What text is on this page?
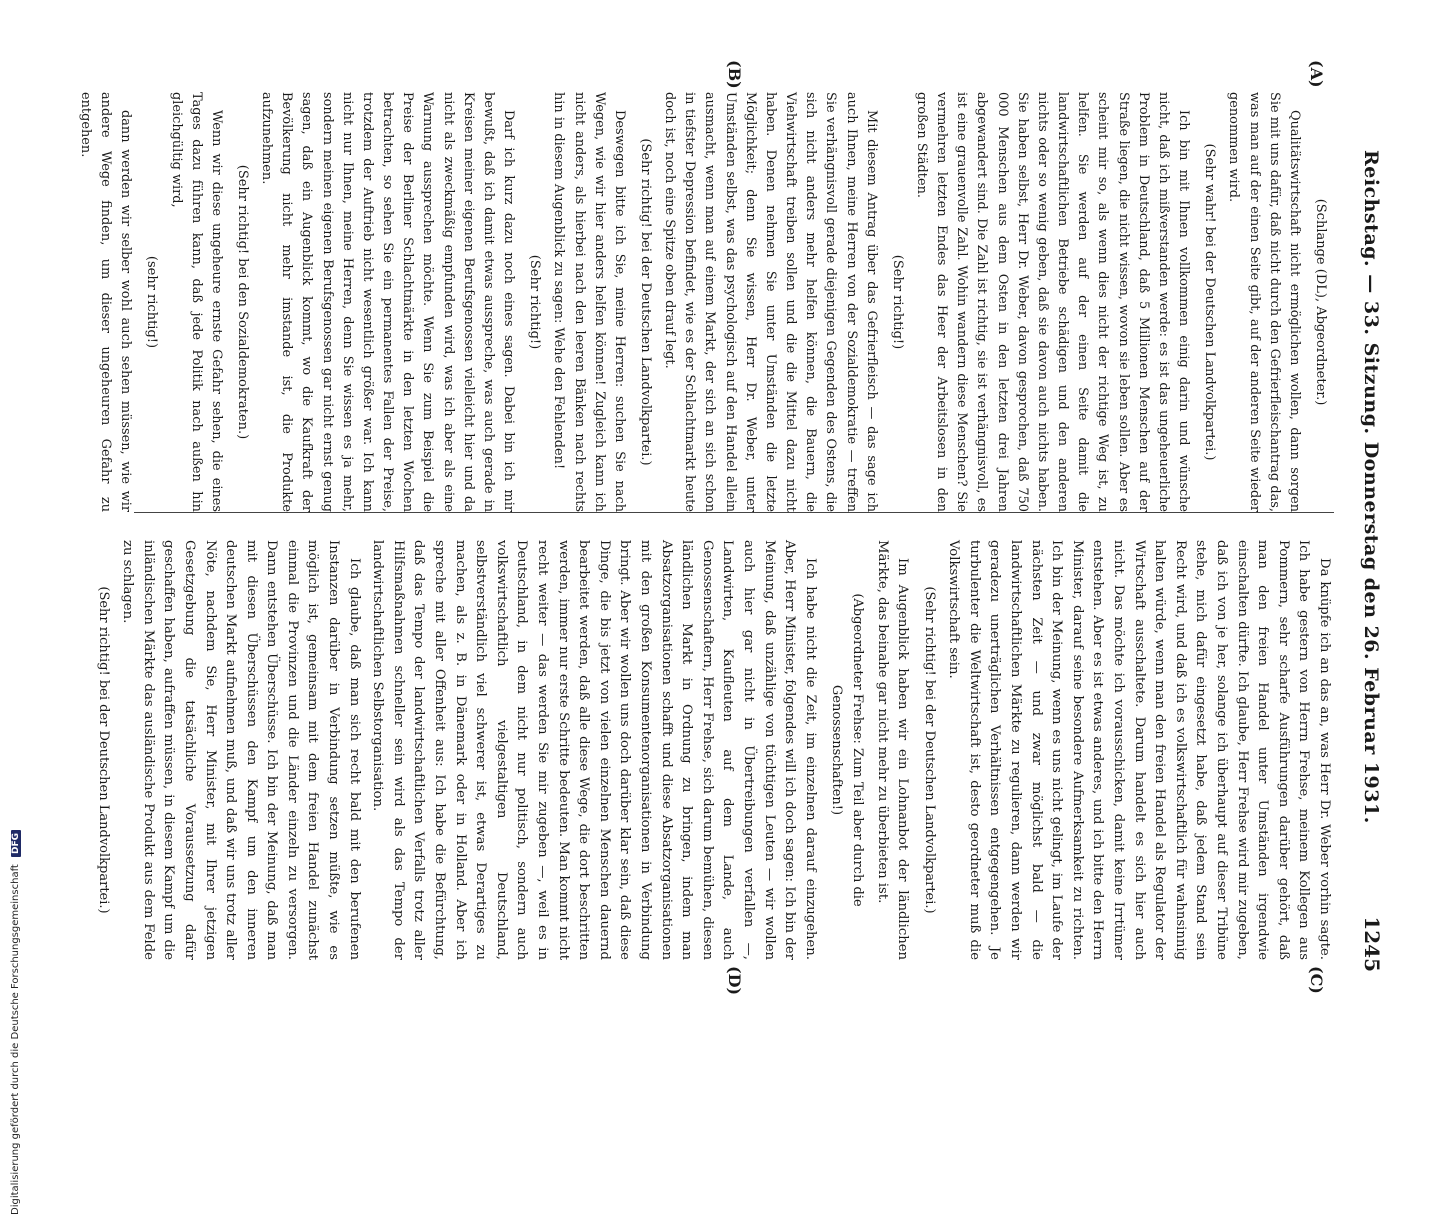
Digitalisierung gefördert durch die Deutsche Forschungsgemeinschaft DFG
Reichstag. — 33. Sitzung. Donnerstag den 26. Februar 1931.
1245
(A)
(B)
(C)
(D)
(Schlange (DL), Abgeordneter.)
Qualitätswirtschaft nicht ermöglichen wollen, dann sorgen Sie mit uns dafür, daß nicht durch den Gefrierfleischantrag das, was man auf der einen Seite gibt, auf der anderen Seite wieder genommen wird.
(Sehr wahr! bei der Deutschen Landvolkpartei.)
Ich bin mit Ihnen vollkommen einig darin und wünsche nicht, daß ich mißverstanden werde: es ist das ungeheuerliche Problem in Deutschland, daß 5 Millionen Menschen auf der Straße liegen, die nicht wissen, wovon sie leben sollen. Aber es scheint mir so, als wenn dies nicht der richtige Weg ist, zu helfen. Sie werden auf der einen Seite damit die landwirtschaftlichen Betriebe schädigen und den anderen nichts oder so wenig geben, daß sie davon auch nichts haben. Sie haben selbst, Herr Dr. Weber, davon gesprochen, daß 750 000 Menschen aus dem Osten in den letzten drei Jahren abgewandert sind. Die Zahl ist richtig, sie ist verhängnisvoll, es ist eine grauenvolle Zahl. Wohin wandern diese Menschen? Sie vermehren letzten Endes das Heer der Arbeitslosen in den großen Städten.
(Sehr richtig!)
Mit diesem Antrag über das Gefrierfleisch — das sage ich auch Ihnen, meine Herren von der Sozialdemokratie — treffen Sie verhängnisvoll gerade diejenigen Gegenden des Ostens, die sich nicht anders mehr helfen können, die Bauern, die Viehwirtschaft treiben sollen und die die Mittel dazu nicht haben. Denen nehmen Sie unter Umständen die letzte Möglichkeit; denn Sie wissen, Herr Dr. Weber, unter Umständen selbst, was das psychologisch auf den Handel allein ausmacht, wenn man auf einem Markt, der sich an sich schon in tiefster Depression befindet, wie es der Schlachtmarkt heute doch ist, noch eine Spitze oben drauf legt.
(Sehr richtig! bei der Deutschen Landvolkpartei.)
Deswegen bitte ich Sie, meine Herren: suchen Sie nach Wegen, wie wir hier anders helfen können! Zugleich kann ich nicht anders, als hierbei nach den leeren Bänken nach rechts hin in diesem Augenblick zu sagen: Wehe den Fehlenden!
(Sehr richtig!)
Darf ich kurz dazu noch eines sagen. Dabei bin ich mir bewußt, daß ich damit etwas ausspreche, was auch gerade in Kreisen meiner eigenen Berufsgenossen vielleicht hier und da nicht als zweckmäßig empfunden wird, was ich aber als eine Warnung aussprechen möchte. Wenn Sie zum Beispiel die Preise der Berliner Schlachtmärkte in den letzten Wochen betrachten, so sehen Sie ein permanentes Fallen der Preise, trotzdem der Auftrieb nicht wesentlich größer war. Ich kann nicht nur Ihnen, meine Herren, denn Sie wissen es ja mehr, sondern meinen eigenen Berufsgenossen gar nicht ernst genug sagen, daß ein Augenblick kommt, wo die Kaufkraft der Bevölkerung nicht mehr imstande ist, die Produkte aufzunehmen.
(Sehr richtig! bei den Sozialdemokraten.)
Wenn wir diese ungeheure ernste Gefahr sehen, die eines Tages dazu führen kann, daß jede Politik nach außen hin gleichgültig wird,
(sehr richtig!)
dann werden wir selber wohl auch sehen müssen, wie wir andere Wege finden, um dieser ungeheuren Gefahr zu entgehen.
Da knüpfe ich an das an, was Herr Dr. Weber vorhin sagte. Ich habe gestern von Herrn Frehse, meinem Kollegen aus Pommern, sehr scharfe Ausführungen darüber gehört, daß man den freien Handel unter Umständen irgendwie einschalten dürfte. Ich glaube, Herr Frehse wird mir zugeben, daß ich von je her, solange ich überhaupt auf dieser Tribüne stehe, mich dafür eingesetzt habe, daß jedem Stand sein Recht wird, und daß ich es volkswirtschaftlich für wahnsinnig halten würde, wenn man den freien Handel als Regulator der Wirtschaft ausschaltete. Darum handelt es sich hier auch nicht. Das möchte ich vorausschicken, damit keine Irrtümer entstehen. Aber es ist etwas anderes, und ich bitte den Herrn Minister, darauf seine besondere Aufmerksamkeit zu richten. Ich bin der Meinung, wenn es uns nicht gelingt, im Laufe der nächsten Zeit — und zwar möglichst bald — die landwirtschaftlichen Märkte zu regulieren, dann werden wir geradezu unerträglichen Verhältnissen entgegengehen. Je turbulenter die Weltwirtschaft ist, desto geordneter muß die Volkswirtschaft sein.
(Sehr richtig! bei der Deutschen Landvolkpartei.)
Im Augenblick haben wir ein Lohnanbot der ländlichen Märkte, das beinahe gar nicht mehr zu überbieten ist.
(Abgeordneter Frehse: Zum Teil aber durch die Genossenschaften!)
Ich habe nicht die Zeit, im einzelnen darauf einzugehen. Aber, Herr Minister, folgendes will ich doch sagen: Ich bin der Meinung, daß unzählige von tüchtigen Leuten — wir wollen auch hier gar nicht in Übertreibungen verfallen —, Landwirten, Kaufleuten auf dem Lande, auch Genossenschaftern, Herr Frehse, sich darum bemühen, diesen ländlichen Markt in Ordnung zu bringen, indem man Absatzorganisationen schafft und diese Absatzorganisationen mit den großen Konsumentenorganisationen in Verbindung bringt. Aber wir wollen uns doch darüber klar sein, daß diese Dinge, die bis jetzt von vielen einzelnen Menschen dauernd bearbeitet werden, daß alle diese Wege, die dort beschritten werden, immer nur erste Schritte bedeuten. Man kommt nicht recht weiter — das werden Sie mir zugeben —, weil es in Deutschland, in dem nicht nur politisch, sondern auch volkswirtschaftlich vielgestaltigen Deutschland, selbstverständlich viel schwerer ist, etwas Derartiges zu machen, als z. B. in Dänemark oder in Holland. Aber ich spreche mit aller Offenheit aus: Ich habe die Befürchtung, daß das Tempo der landwirtschaftlichen Verfalls trotz aller Hilfsmaßnahmen schneller sein wird als das Tempo der landwirtschaftlichen Selbstorganisation.
Ich glaube, daß man sich recht bald mit den berufenen Instanzen darüber in Verbindung setzen müßte, wie es möglich ist, gemeinsam mit dem freien Handel zunächst einmal die Provinzen und die Länder einzeln zu versorgen. Dann entstehen Überschüsse. Ich bin der Meinung, daß man mit diesen Überschüssen den Kampf um den inneren deutschen Markt aufnehmen muß, und daß wir uns trotz aller Nöte, nachdem Sie, Herr Minister, mit Ihrer jetzigen Gesetzgebung die tatsächliche Voraussetzung dafür geschaffen haben, aufraffen müssen, in diesem Kampf um die inländischen Märkte das ausländische Produkt aus dem Felde zu schlagen.
(Sehr richtig! bei der Deutschen Landvolkpartei.)
